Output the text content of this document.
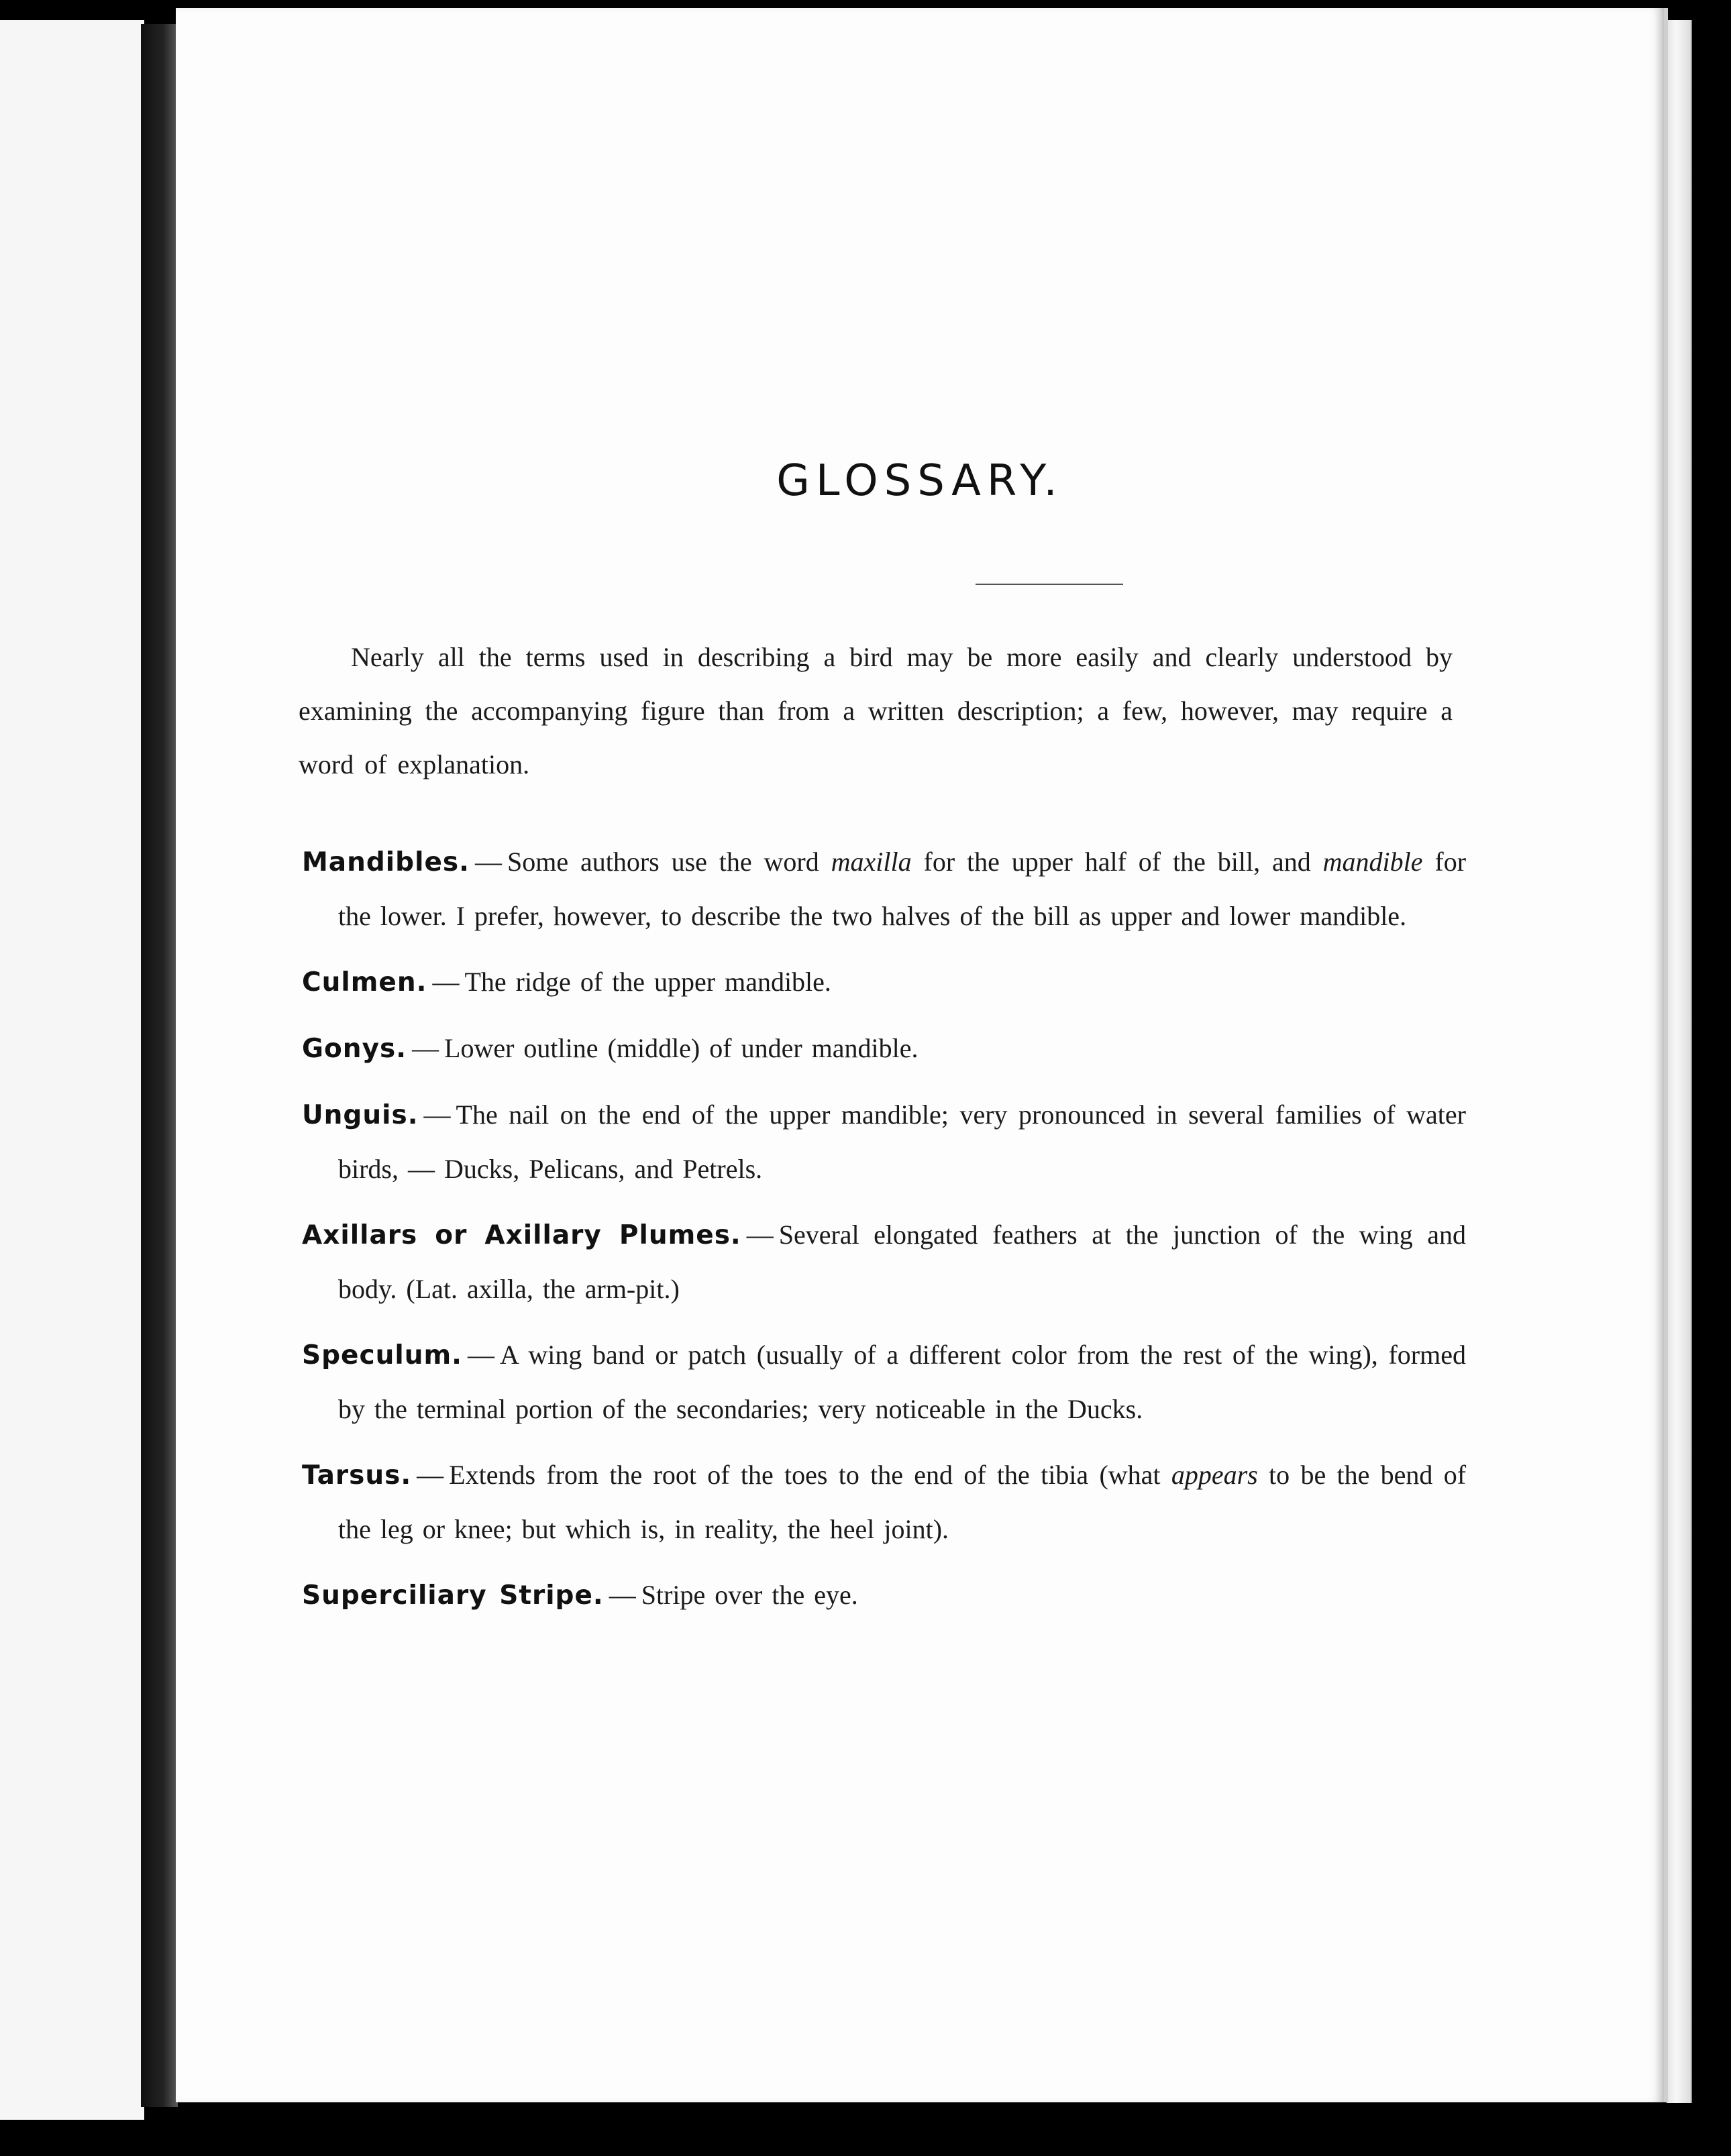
GLOSSARY.

Nearly all the terms used in describing a bird may be more easily and clearly understood by examining the accompanying figure than from a written description; a few, however, may require a word of explanation.

Mandibles. — Some authors use the word maxilla for the upper half of the bill, and mandible for the lower. I prefer, however, to describe the two halves of the bill as upper and lower mandible.
Culmen. — The ridge of the upper mandible.
Gonys. — Lower outline (middle) of under mandible.
Unguis. — The nail on the end of the upper mandible; very pronounced in several families of water birds, — Ducks, Pelicans, and Petrels.
Axillars or Axillary Plumes. — Several elongated feathers at the junction of the wing and body. (Lat. axilla, the arm-pit.)
Speculum. — A wing band or patch (usually of a different color from the rest of the wing), formed by the terminal portion of the secondaries; very noticeable in the Ducks.
Tarsus. — Extends from the root of the toes to the end of the tibia (what appears to be the bend of the leg or knee; but which is, in reality, the heel joint).
Superciliary Stripe. — Stripe over the eye.
